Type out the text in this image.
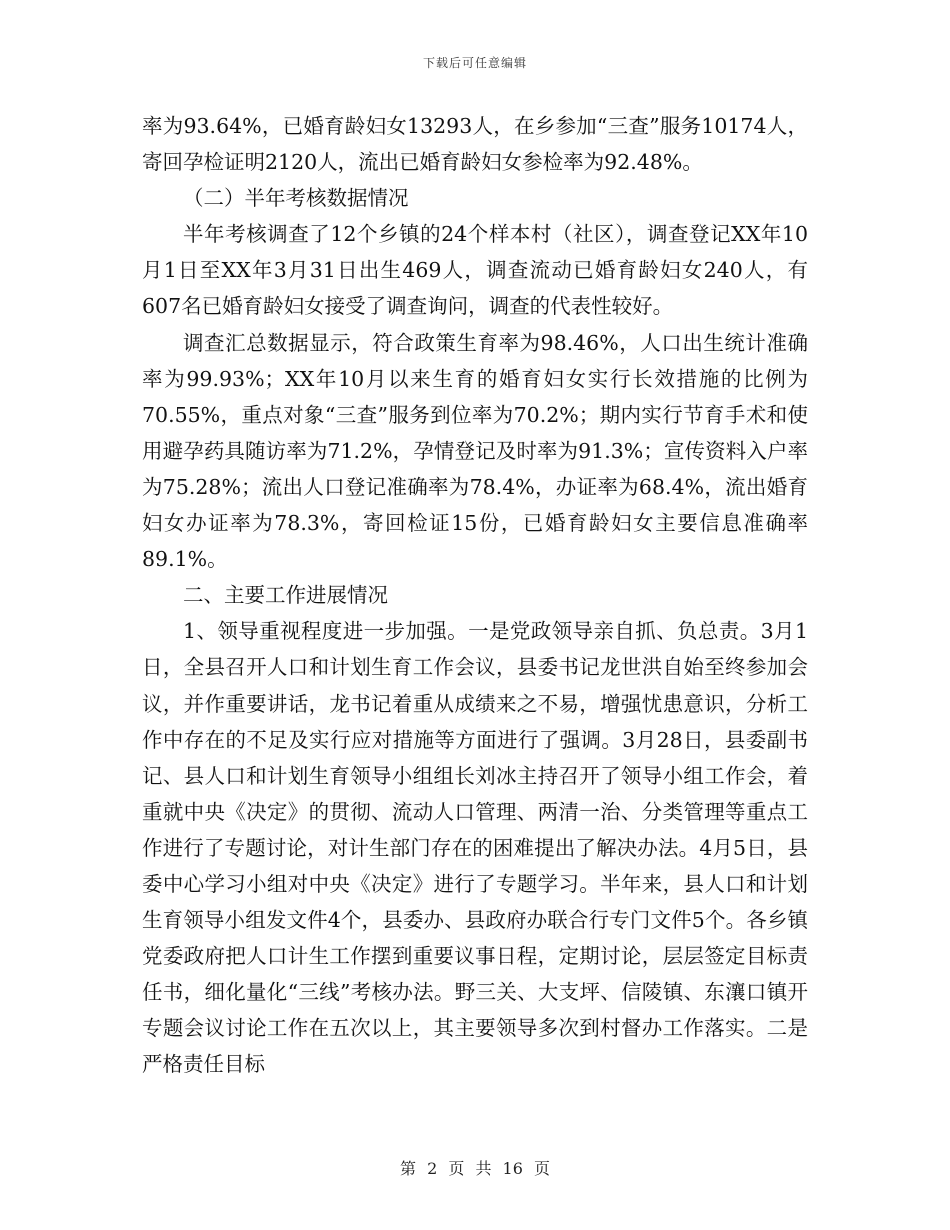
下载后可任意编辑

率为93.64%，已婚育龄妇女13293人，在乡参加“三查”服务10174人，寄回孕检证明2120人，流出已婚育龄妇女参检率为92.48%。

（二）半年考核数据情况

半年考核调查了12个乡镇的24个样本村（社区），调查登记XX年10月1日至XX年3月31日出生469人，调查流动已婚育龄妇女240人，有607名已婚育龄妇女接受了调查询问，调查的代表性较好。

调查汇总数据显示，符合政策生育率为98.46%，人口出生统计准确率为99.93%；XX年10月以来生育的婚育妇女实行长效措施的比例为70.55%，重点对象“三查”服务到位率为70.2%；期内实行节育手术和使用避孕药具随访率为71.2%，孕情登记及时率为91.3%；宣传资料入户率为75.28%；流出人口登记准确率为78.4%，办证率为68.4%，流出婚育妇女办证率为78.3%，寄回检证15份，已婚育龄妇女主要信息准确率89.1%。

二、主要工作进展情况

1、领导重视程度进一步加强。一是党政领导亲自抓、负总责。3月1日，全县召开人口和计划生育工作会议，县委书记龙世洪自始至终参加会议，并作重要讲话，龙书记着重从成绩来之不易，增强忧患意识，分析工作中存在的不足及实行应对措施等方面进行了强调。3月28日，县委副书记、县人口和计划生育领导小组组长刘冰主持召开了领导小组工作会，着重就中央《决定》的贯彻、流动人口管理、两清一治、分类管理等重点工作进行了专题讨论，对计生部门存在的困难提出了解决办法。4月5日，县委中心学习小组对中央《决定》进行了专题学习。半年来，县人口和计划生育领导小组发文件4个，县委办、县政府办联合行专门文件5个。各乡镇党委政府把人口计生工作摆到重要议事日程，定期讨论，层层签定目标责任书，细化量化“三线”考核办法。野三关、大支坪、信陵镇、东瀼口镇开专题会议讨论工作在五次以上，其主要领导多次到村督办工作落实。二是严格责任目标

第 2 页 共 16 页
